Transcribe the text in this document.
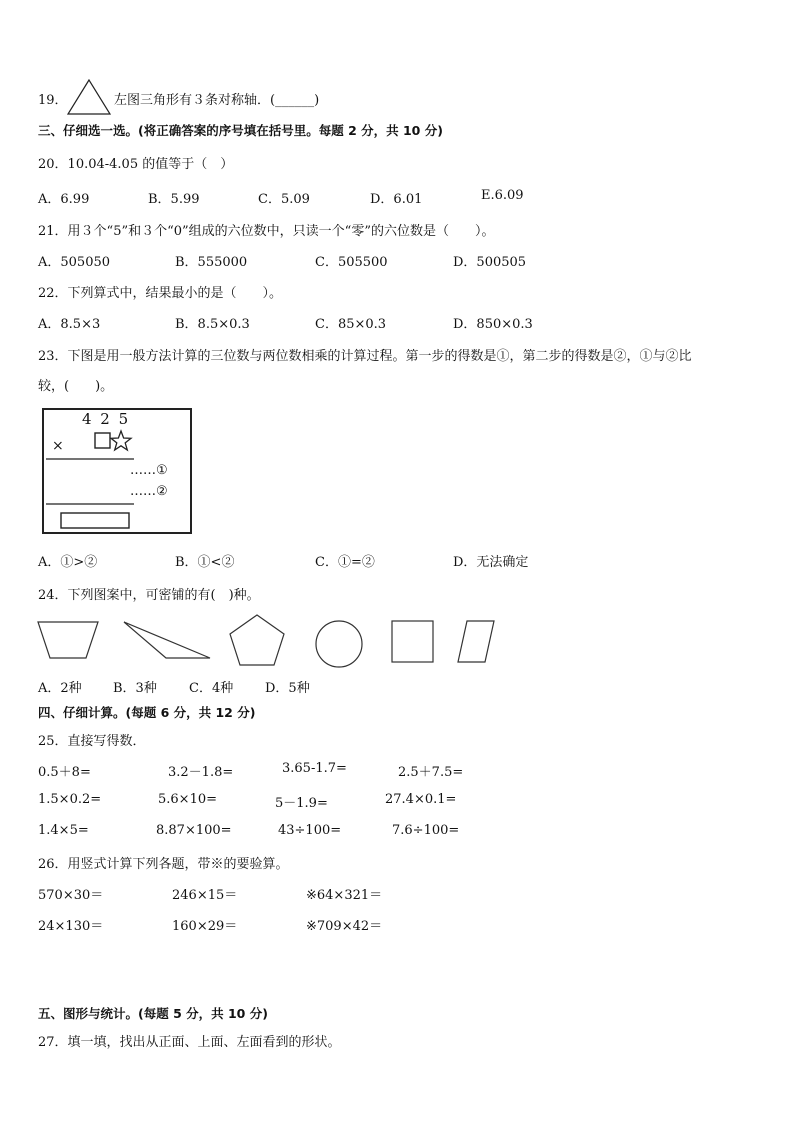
19．	左图三角形有３条对称轴．(______)
三、仔细选一选。(将正确答案的序号填在括号里。每题 2 分，共 10 分)
20．10.04-4.05 的值等于（　）
A．6.99	B．5.99	C．5.09	D．6.01	E.6.09
21．用３个“5”和３个“0”组成的六位数中，只读一个“零”的六位数是（　　）。
A．505050	B．555000	C．505500	D．500505
22．下列算式中，结果最小的是（　　）。
A．8.5×3	B．8.5×0.3	C．85×0.3	D．850×0.3
23．下图是用一般方法计算的三位数与两位数相乘的计算过程。第一步的得数是①，第二步的得数是②，①与②比
较，(　　)。
4 2 5
×
……①
……②
A．①>②	B．①<②	C．①=②	D．无法确定
24．下列图案中，可密铺的有(　)种。
A．2种 B．3种 C．4种 D．5种
四、仔细计算。(每题 6 分，共 12 分)
25．直接写得数．
0.5＋8=	3.2－1.8=	3.65-1.7=	2.5＋7.5=
1.5×0.2=	5.6×10=	5－1.9=	27.4×0.1=
1.4×5=	8.87×100=	43÷100=	7.6÷100=
26．用竖式计算下列各题，带※的要验算。
570×30＝	246×15＝	※64×321＝
24×130＝	160×29＝	※709×42＝
五、图形与统计。(每题 5 分，共 10 分)
27．填一填，找出从正面、上面、左面看到的形状。
